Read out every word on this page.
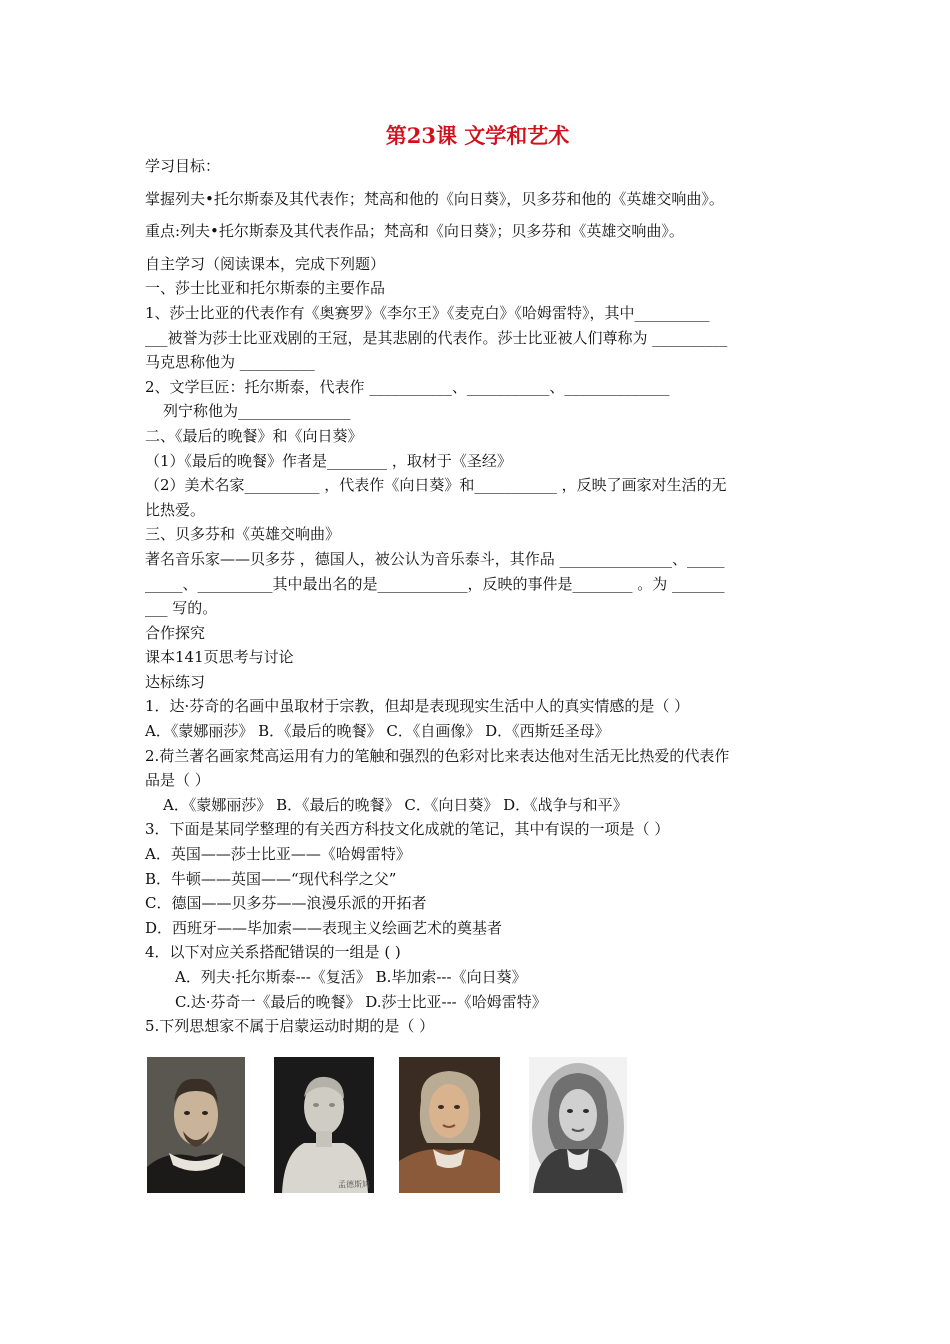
第23课 文学和艺术
学习目标：
掌握列夫•托尔斯泰及其代表作；梵高和他的《向日葵》，贝多芬和他的《英雄交响曲》。
重点:列夫•托尔斯泰及其代表作品；梵高和《向日葵》；贝多芬和《英雄交响曲》。
自主学习（阅读课本，完成下列题）
一、莎士比亚和托尔斯泰的主要作品
1、莎士比亚的代表作有《奥赛罗》《李尔王》《麦克白》《哈姆雷特》，其中__________
___被誉为莎士比亚戏剧的王冠，是其悲剧的代表作。莎士比亚被人们尊称为 __________
马克思称他为 __________
2、文学巨匠：托尔斯泰，代表作 ___________、___________、______________
列宁称他为_______________
二、《最后的晚餐》和《向日葵》
（1）《最后的晚餐》作者是________ ，取材于《圣经》
（2）美术名家__________ ，代表作《向日葵》和___________ ，反映了画家对生活的无
比热爱。
三、贝多芬和《英雄交响曲》
著名音乐家——贝多芬 ，德国人，被公认为音乐泰斗，其作品 _______________、_____
_____、__________其中最出名的是____________，反映的事件是________ 。为 _______
___ 写的。
合作探究
课本141页思考与讨论
达标练习
1．达·芬奇的名画中虽取材于宗教，但却是表现现实生活中人的真实情感的是（ ）
A．《蒙娜丽莎》 B．《最后的晚餐》 C．《自画像》 D．《西斯廷圣母》
2.荷兰著名画家梵高运用有力的笔触和强烈的色彩对比来表达他对生活无比热爱的代表作
品是（ ）
A．《蒙娜丽莎》 B．《最后的晚餐》 C．《向日葵》 D．《战争与和平》
3．下面是某同学整理的有关西方科技文化成就的笔记，其中有误的一项是（ ）
A．英国——莎士比亚——《哈姆雷特》
B．牛顿——英国——“现代科学之父”
C．德国——贝多芬——浪漫乐派的开拓者
D．西班牙——毕加索——表现主义绘画艺术的奠基者
4．以下对应关系搭配错误的一组是 ( )
A．列夫·托尔斯泰---《复活》 B.毕加索---《向日葵》
C.达·芬奇一《最后的晚餐》 D.莎士比亚---《哈姆雷特》
5.下列思想家不属于启蒙运动时期的是（ ）
孟德斯鸠
